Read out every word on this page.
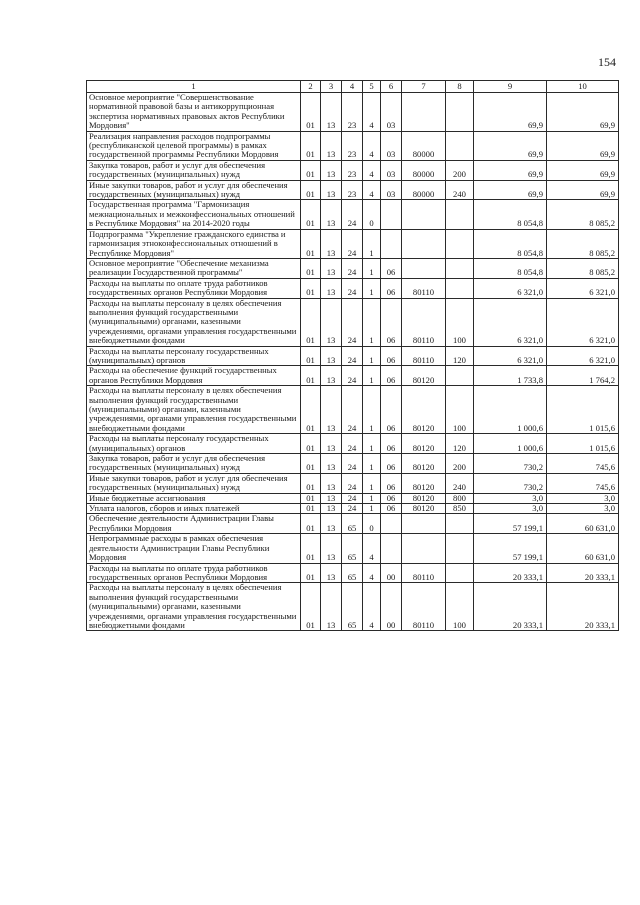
154
1	2	3	4	5	6	7	8	9	10
Основное мероприятие "Совершенствование нормативной правовой базы и антикоррупционная экспертиза нормативных правовых актов Республики Мордовия"	01	13	23	4	03			69,9	69,9
Реализация направления расходов подпрограммы (республиканской целевой программы) в рамках государственной программы Республики Мордовия	01	13	23	4	03	80000		69,9	69,9
Закупка товаров, работ и услуг для обеспечения государственных (муниципальных) нужд	01	13	23	4	03	80000	200	69,9	69,9
Иные закупки товаров, работ и услуг для обеспечения государственных (муниципальных) нужд	01	13	23	4	03	80000	240	69,9	69,9
Государственная программа "Гармонизация межнациональных и межконфессиональных отношений в Республике Мордовия" на 2014-2020 годы	01	13	24	0				8 054,8	8 085,2
Подпрограмма "Укрепление гражданского единства и гармонизация этноконфессиональных отношений в Республике Мордовия"	01	13	24	1				8 054,8	8 085,2
Основное мероприятие "Обеспечение механизма реализации Государственной программы"	01	13	24	1	06			8 054,8	8 085,2
Расходы на выплаты по оплате труда работников государственных органов Республики Мордовия	01	13	24	1	06	80110		6 321,0	6 321,0
Расходы на выплаты персоналу в целях обеспечения выполнения функций государственными (муниципальными) органами, казенными учреждениями, органами управления государственными внебюджетными фондами	01	13	24	1	06	80110	100	6 321,0	6 321,0
Расходы на выплаты персоналу государственных (муниципальных) органов	01	13	24	1	06	80110	120	6 321,0	6 321,0
Расходы на обеспечение функций государственных органов Республики Мордовия	01	13	24	1	06	80120		1 733,8	1 764,2
Расходы на выплаты персоналу в целях обеспечения выполнения функций государственными (муниципальными) органами, казенными учреждениями, органами управления государственными внебюджетными фондами	01	13	24	1	06	80120	100	1 000,6	1 015,6
Расходы на выплаты персоналу государственных (муниципальных) органов	01	13	24	1	06	80120	120	1 000,6	1 015,6
Закупка товаров, работ и услуг для обеспечения государственных (муниципальных) нужд	01	13	24	1	06	80120	200	730,2	745,6
Иные закупки товаров, работ и услуг для обеспечения государственных (муниципальных) нужд	01	13	24	1	06	80120	240	730,2	745,6
Иные бюджетные ассигнования	01	13	24	1	06	80120	800	3,0	3,0
Уплата налогов, сборов и иных платежей	01	13	24	1	06	80120	850	3,0	3,0
Обеспечение деятельности Администрации Главы Республики Мордовия	01	13	65	0				57 199,1	60 631,0
Непрограммные расходы в рамках обеспечения деятельности Администрации Главы Республики Мордовия	01	13	65	4				57 199,1	60 631,0
Расходы на выплаты по оплате труда работников государственных органов Республики Мордовия	01	13	65	4	00	80110		20 333,1	20 333,1
Расходы на выплаты персоналу в целях обеспечения выполнения функций государственными (муниципальными) органами, казенными учреждениями, органами управления государственными внебюджетными фондами	01	13	65	4	00	80110	100	20 333,1	20 333,1
